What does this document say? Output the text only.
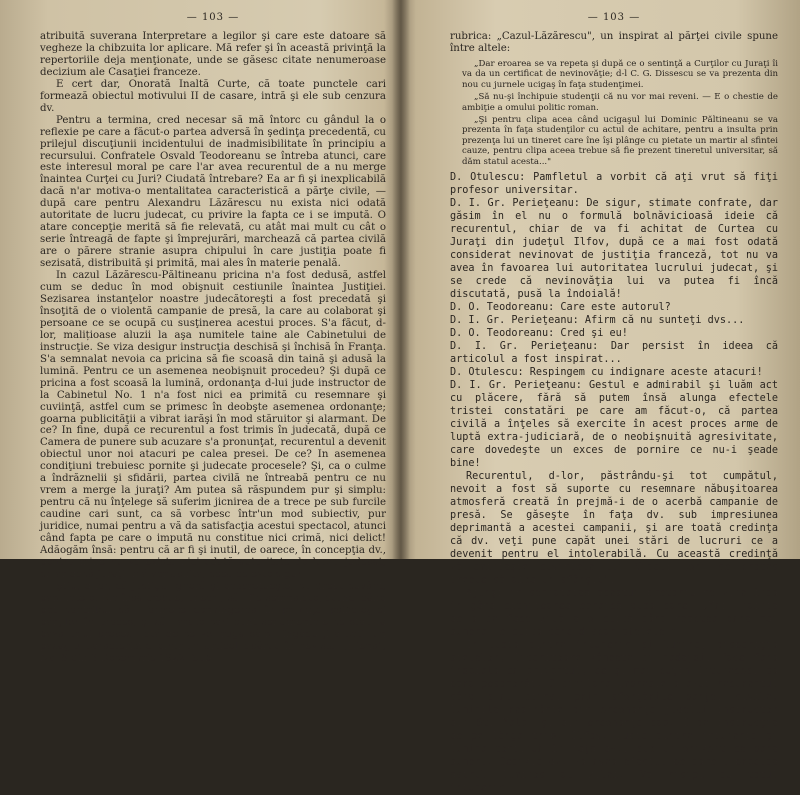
— 103 —

atribuită suverana Interpretare a legilor şi care este datoare să vegheze la chibzuita lor aplicare. Mă refer şi în această privinţă la repertoriile deja menţionate, unde se găsesc citate nenumeroase decizium ale Casaţiei franceze.

E cert dar, Onorată Inaltă Curte, că toate punctele cari formează obiectul motivului II de casare, intră şi ele sub cenzura dv.

Pentru a termina, cred necesar să mă întorc cu gândul la o reflexie pe care a făcut-o partea adversă în şedinţa precedentă, cu prilejul discuţiunii incidentului de inadmisibilitate în principiu a recursului. Confratele Osvald Teodoreanu se întreba atunci, care este interesul moral pe care l'ar avea recurentul de a nu merge înaintea Curţei cu Juri? Ciudată întrebare? Ea ar fi şi inexplicabilă dacă n'ar motiva-o mentalitatea caracteristică a părţe civile, — după care pentru Alexandru Lăzărescu nu exista nici odată autoritate de lucru judecat, cu privire la fapta ce i se impută. O atare concepţie merită să fie relevată, cu atât mai mult cu cât o serie întreagă de fapte şi împrejurări, marchează că partea civilă are o părere stranie asupra chipului în care justiţia poate fi sezisată, distribuită şi primită, mai ales în materie penală.

In cazul Lăzărescu-Păltineanu pricina n'a fost dedusă, astfel cum se deduc în mod obişnuit cestiunile înaintea Justiţiei. Sezisarea instanţelor noastre judecătoreşti a fost precedată şi însoţită de o violentă campanie de presă, la care au colaborat şi persoane ce se ocupă cu susţinerea acestui proces. S'a făcut, d-lor, malițioase aluzii la aşa numitele taine ale Cabinetului de instrucţie. Se viza desigur instrucţia deschisă şi închisă în Franţa. S'a semnalat nevoia ca pricina să fie scoasă din taină şi adusă la lumină. Pentru ce un asemenea neobişnuit procedeu? Şi după ce pricina a fost scoasă la lumină, ordonanţa d-lui jude instructor de la Cabinetul No. 1 n'a fost nici ea primită cu resemnare şi cuviinţă, astfel cum se primesc în deobşte asemenea ordonanţe; goarna publicităţii a vibrat iarăşi în mod stăruitor şi alarmant. De ce? In fine, după ce recurentul a fost trimis în judecată, după ce Camera de punere sub acuzare s'a pronunţat, recurentul a devenit obiectul unor noi atacuri pe calea presei. De ce? In asemenea condiţiuni trebuiesc pornite şi judecate procesele? Şi, ca o culme a îndrăznelii şi sfidării, partea civilă ne întreabă pentru ce nu vrem a merge la juraţi? Am putea să răspundem pur şi simplu: pentru că nu înţelege să suferim jicnirea de a trece pe sub furcile caudine cari sunt, ca să vorbesc într'un mod subiectiv, pur juridice, numai pentru a vă da satisfacţia acestui spectacol, atunci când fapta pe care o impută nu constitue nici crimă, nici delict! Adăogăm însă: pentru că ar fi şi inutil, de oarece, în concepţia dv., pentru mine nu va exista nici odată autoritate de lucru judecat, chiar dacă juraţii mă vor achita, ceea ce este sigur.

Ştiu, d-lor, că justiţia ignoră şi desprețueşte, cu drept cuvânt, pamfletele. Ele însă trebue, uneori, să-i fie semnalate, atunci când pot contribui să-i formeze convingerea în privinţa psihologiei părţilor în proces, şi să-i arate cari sunt sentimentele ce stau la baza unui proces. Iată de ce voi ruga să-mi îngăduiţi a cetii un pasagiu caracteristic dintr'un articol apărut în revista „Hiena", No. 8 din 3 Decemvrie 1922. Sub

— 103 —

rubrica: „Cazul-Lăzărescu", un inspirat al părţei civile spune între altele:

„Dar eroarea se va repeta şi după ce o sentinţă a Curţilor cu Juraţi îi va da un certificat de nevinovăţie; d-l C. G. Dissescu se va prezenta din nou cu jurnele ucigaş în faţa studenţimei.

„Să nu-şi închipuie studenţii că nu vor mai reveni. — E o chestie de ambiţie a omului politic roman.

„Şi pentru clipa acea când ucigaşul lui Dominic Păltineanu se va prezenta în faţa studenţilor cu actul de achitare, pentru a insulta prin prezenţa lui un tineret care îne îşi plânge cu pietate un martir al sfintei cauze, pentru clipa aceea trebue să fie prezent tineretul universitar, să dăm statul acesta..."

D. Otulescu: Pamfletul a vorbit că aţi vrut să fiţi profesor universitar.

D. I. Gr. Perieţeanu: De sigur, stimate confrate, dar găsim în el nu o formulă bolnăvicioasă ideie că recurentul, chiar de va fi achitat de Curtea cu Juraţi din judeţul Ilfov, după ce a mai fost odată considerat nevinovat de justiţia franceză, tot nu va avea în favoarea lui autoritatea lucrului judecat, şi se crede că nevinovăţia lui va putea fi încă discutată, pusă la îndoială!

D. O. Teodoreanu: Care este autorul?

D. I. Gr. Perieţeanu: Afirm că nu sunteţi dvs...

D. O. Teodoreanu: Cred şi eu!

D. I. Gr. Perieţeanu: Dar persist în ideea că articolul a fost inspirat...

D. Otulescu: Respingem cu indignare aceste atacuri!

D. I. Gr. Perieţeanu: Gestul e admirabil şi luăm act cu plăcere, fără să putem însă alunga efectele tristei constatări pe care am făcut-o, că partea civilă a înţeles să exercite în acest proces arme de luptă extra-judiciară, de o neobişnuită agresivitate, care dovedeşte un exces de pornire ce nu-i şeade bine!

Recurentul, d-lor, păstrându-şi tot cumpătul, nevoit a fost să suporte cu resemnare năbuşitoarea atmosferă creată în prejmă-i de o acerbă campanie de presă. Se găseşte în faţa dv. sub impresiunea deprimantă a acestei campanii, şi are toată credinţa că dv. veţi pune capăt unei stări de lucruri ce a devenit pentru el intolerabilă. Cu această credinţă vă aminteşte cuvintele lui Vidal: „ori ce proces trebue să aibă un sfârşit".

Ajunşi în semnătatea acestui pretoriu ne vine încă în gând cichitoarea ebraică după care: „Mai 'nainte de a se face ziuă e o clipă când noaptea pare mai sumbră; e clipa când dispar stelele!"

In lupta dintre întuneric şi lumină, dispariţia stelelor, licăritoare zâmbete şi nădejdi, face fără îndoială ca orizontul, de şi mai puţin întunecos, să pară posomorât. O similară impresie a avut recurentul când s'au stins, prin sforţările părţei civile, luminile resfrânte din ordonanţa judelui instructor din St. Malo, şi din ordonanţa cab. I de instrucţie de pe lângă trib. Ilfov. Lupta dintre întuneric şi lumină continuă în faţa dv., sub un orizont ce pare sumbru. Decizia dv. va avea efectul pe care-l produce astrul luminos al zilei. Va risipi cu totul întunericul.
